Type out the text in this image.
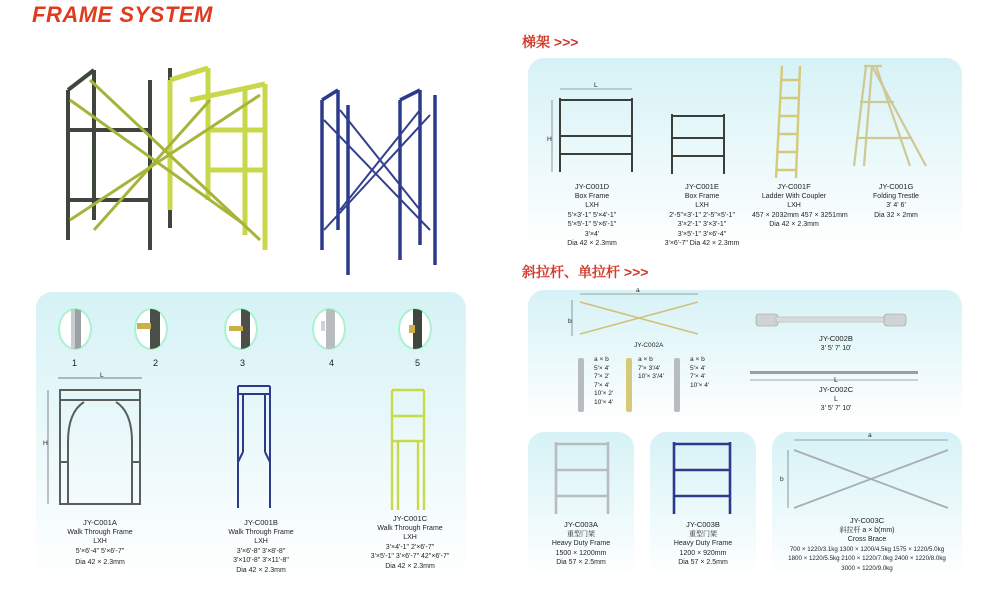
FRAME SYSTEM
1	2	3	4	5
L
H
JY-C001A
Walk Through Frame
LXH
5'×6'-4" 5'×6'-7"
Dia 42 × 2.3mm
JY-C001B
Walk Through Frame
LXH
3'×6'-8" 3'×8'-8"
3'×10'-8" 3'×11'-8"
Dia 42 × 2.3mm
JY-C001C
Walk Through Frame
LXH
3'×4'-1" 2'×6'-7"
3'×5'-1" 3'×6'-7" 42"×6'-7"
Dia 42 × 2.3mm
梯架 >>>
L
H
JY-C001D
Box Frame
LXH
5'×3'-1" 5'×4'-1"
5'×5'-1" 5'×6'-1"
3'×4'
Dia 42 × 2.3mm
JY-C001E
Box Frame
LXH
2'-5"×3'-1" 2'-5"×5'-1"
3'×2'-1" 3'×3'-1"
3'×5'-1" 3'×6'-4"
3'×6'-7" Dia 42 × 2.3mm
JY-C001F
Ladder With Coupler
LXH
457 × 2032mm 457 × 3251mm
Dia 42 × 2.3mm
JY-C001G
Folding Trestle
3' 4' 6'
Dia 32 × 2mm
斜拉杆、单拉杆 >>>
a
b
JY-C002A
JY-C002B
3' 5' 7' 10'
L
JY-C002C
L
3' 5' 7' 10'
a × b
5'× 4'
7'× 2'
7'× 4'
10'× 2'
10'× 4'
a × b
7'× 3'/4'
10'× 3'/4'
a × b
5'× 4'
7'× 4'
10'× 4'
JY-C003A
重型门架
Heavy Duty Frame
1500 × 1200mm
Dia 57 × 2.5mm
JY-C003B
重型门架
Heavy Duty Frame
1200 × 920mm
Dia 57 × 2.5mm
a
b
JY-C003C
斜拉杆 a × b(mm)
Cross Brace
700 × 1220/3.1kg 1300 × 1200/4.5kg 1575 × 1220/5.0kg
1800 × 1220/5.5kg 2100 × 1220/7.0kg 2400 × 1220/8.0kg
3000 × 1220/9.0kg
